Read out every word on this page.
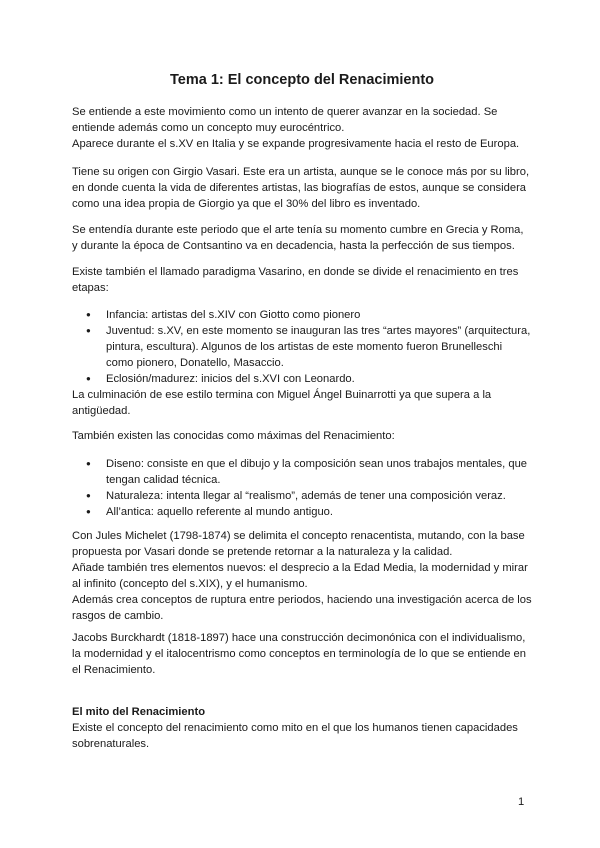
Tema 1: El concepto del Renacimiento

Se entiende a este movimiento como un intento de querer avanzar en la sociedad. Se entiende además como un concepto muy eurocéntrico.

Aparece durante el s.XV en Italia y se expande progresivamente hacia el resto de Europa.

Tiene su origen con Girgio Vasari. Este era un artista, aunque se le conoce más por su libro, en donde cuenta la vida de diferentes artistas, las biografías de estos, aunque se considera como una idea propia de Giorgio ya que el 30% del libro es inventado.

Se entendía durante este periodo que el arte tenía su momento cumbre en Grecia y Roma, y durante la época de Contsantino va en decadencia, hasta la perfección de sus tiempos.

Existe también el llamado paradigma Vasarino, en donde se divide el renacimiento en tres etapas:

● Infancia: artistas del s.XIV con Giotto como pionero
● Juventud: s.XV, en este momento se inauguran las tres “artes mayores” (arquitectura, pintura, escultura). Algunos de los artistas de este momento fueron Brunelleschi como pionero, Donatello, Masaccio.
● Eclosión/madurez: inicios del s.XVI con Leonardo.

La culminación de ese estilo termina con Miguel Ángel Buinarrotti ya que supera a la antigüedad.

También existen las conocidas como máximas del Renacimiento:

● Diseno: consiste en que el dibujo y la composición sean unos trabajos mentales, que tengan calidad técnica.
● Naturaleza: intenta llegar al “realismo”, además de tener una composición veraz.
● All’antica: aquello referente al mundo antiguo.

Con Jules Michelet (1798-1874) se delimita el concepto renacentista, mutando, con la base propuesta por Vasari donde se pretende retornar a la naturaleza y la calidad.

Añade también tres elementos nuevos: el desprecio a la Edad Media, la modernidad y mirar al infinito (concepto del s.XIX), y el humanismo.

Además crea conceptos de ruptura entre periodos, haciendo una investigación acerca de los rasgos de cambio.

Jacobs Burckhardt (1818-1897) hace una construcción decimonónica con el individualismo, la modernidad y el italocentrismo como conceptos en terminología de lo que se entiende en el Renacimiento.

El mito del Renacimiento

Existe el concepto del renacimiento como mito en el que los humanos tienen capacidades sobrenaturales.

1
